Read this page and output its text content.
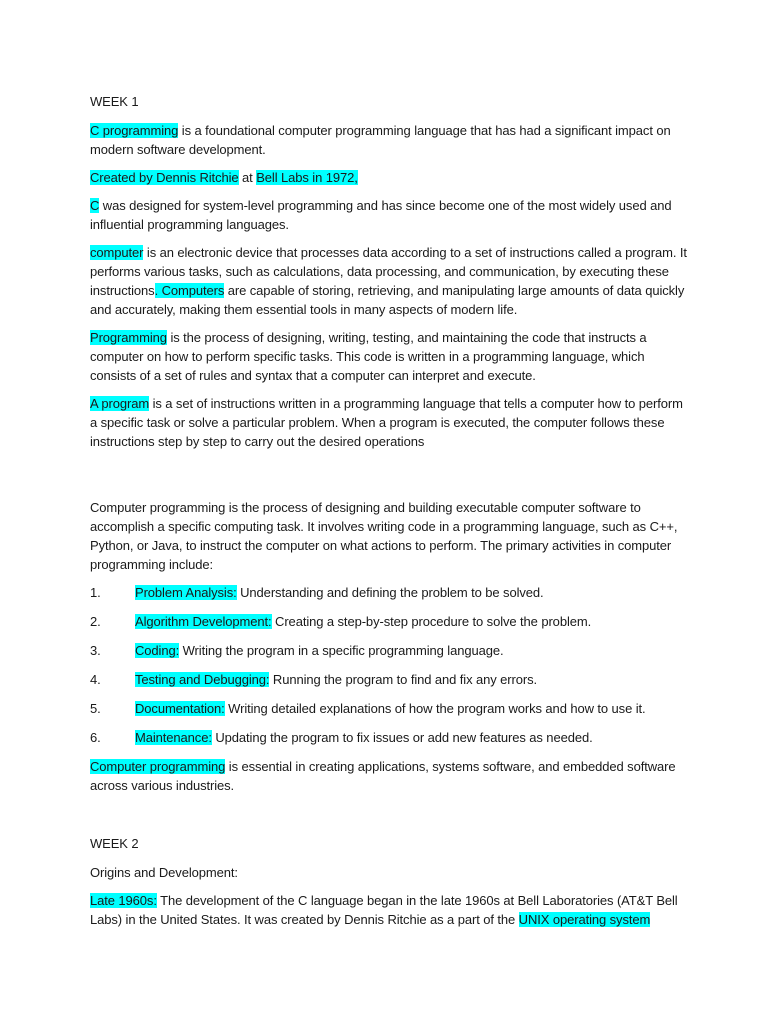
WEEK 1

C programming is a foundational computer programming language that has had a significant impact on modern software development.

Created by Dennis Ritchie at Bell Labs in 1972,

C was designed for system-level programming and has since become one of the most widely used and influential programming languages.

computer is an electronic device that processes data according to a set of instructions called a program. It performs various tasks, such as calculations, data processing, and communication, by executing these instructions. Computers are capable of storing, retrieving, and manipulating large amounts of data quickly and accurately, making them essential tools in many aspects of modern life.

Programming is the process of designing, writing, testing, and maintaining the code that instructs a computer on how to perform specific tasks. This code is written in a programming language, which consists of a set of rules and syntax that a computer can interpret and execute.

A program is a set of instructions written in a programming language that tells a computer how to perform a specific task or solve a particular problem. When a program is executed, the computer follows these instructions step by step to carry out the desired operations

Computer programming is the process of designing and building executable computer software to accomplish a specific computing task. It involves writing code in a programming language, such as C++, Python, or Java, to instruct the computer on what actions to perform. The primary activities in computer programming include:

1.	Problem Analysis: Understanding and defining the problem to be solved.
2.	Algorithm Development: Creating a step-by-step procedure to solve the problem.
3.	Coding: Writing the program in a specific programming language.
4.	Testing and Debugging: Running the program to find and fix any errors.
5.	Documentation: Writing detailed explanations of how the program works and how to use it.
6.	Maintenance: Updating the program to fix issues or add new features as needed.

Computer programming is essential in creating applications, systems software, and embedded software across various industries.

WEEK 2

Origins and Development:

Late 1960s: The development of the C language began in the late 1960s at Bell Laboratories (AT&T Bell Labs) in the United States. It was created by Dennis Ritchie as a part of the UNIX operating system
